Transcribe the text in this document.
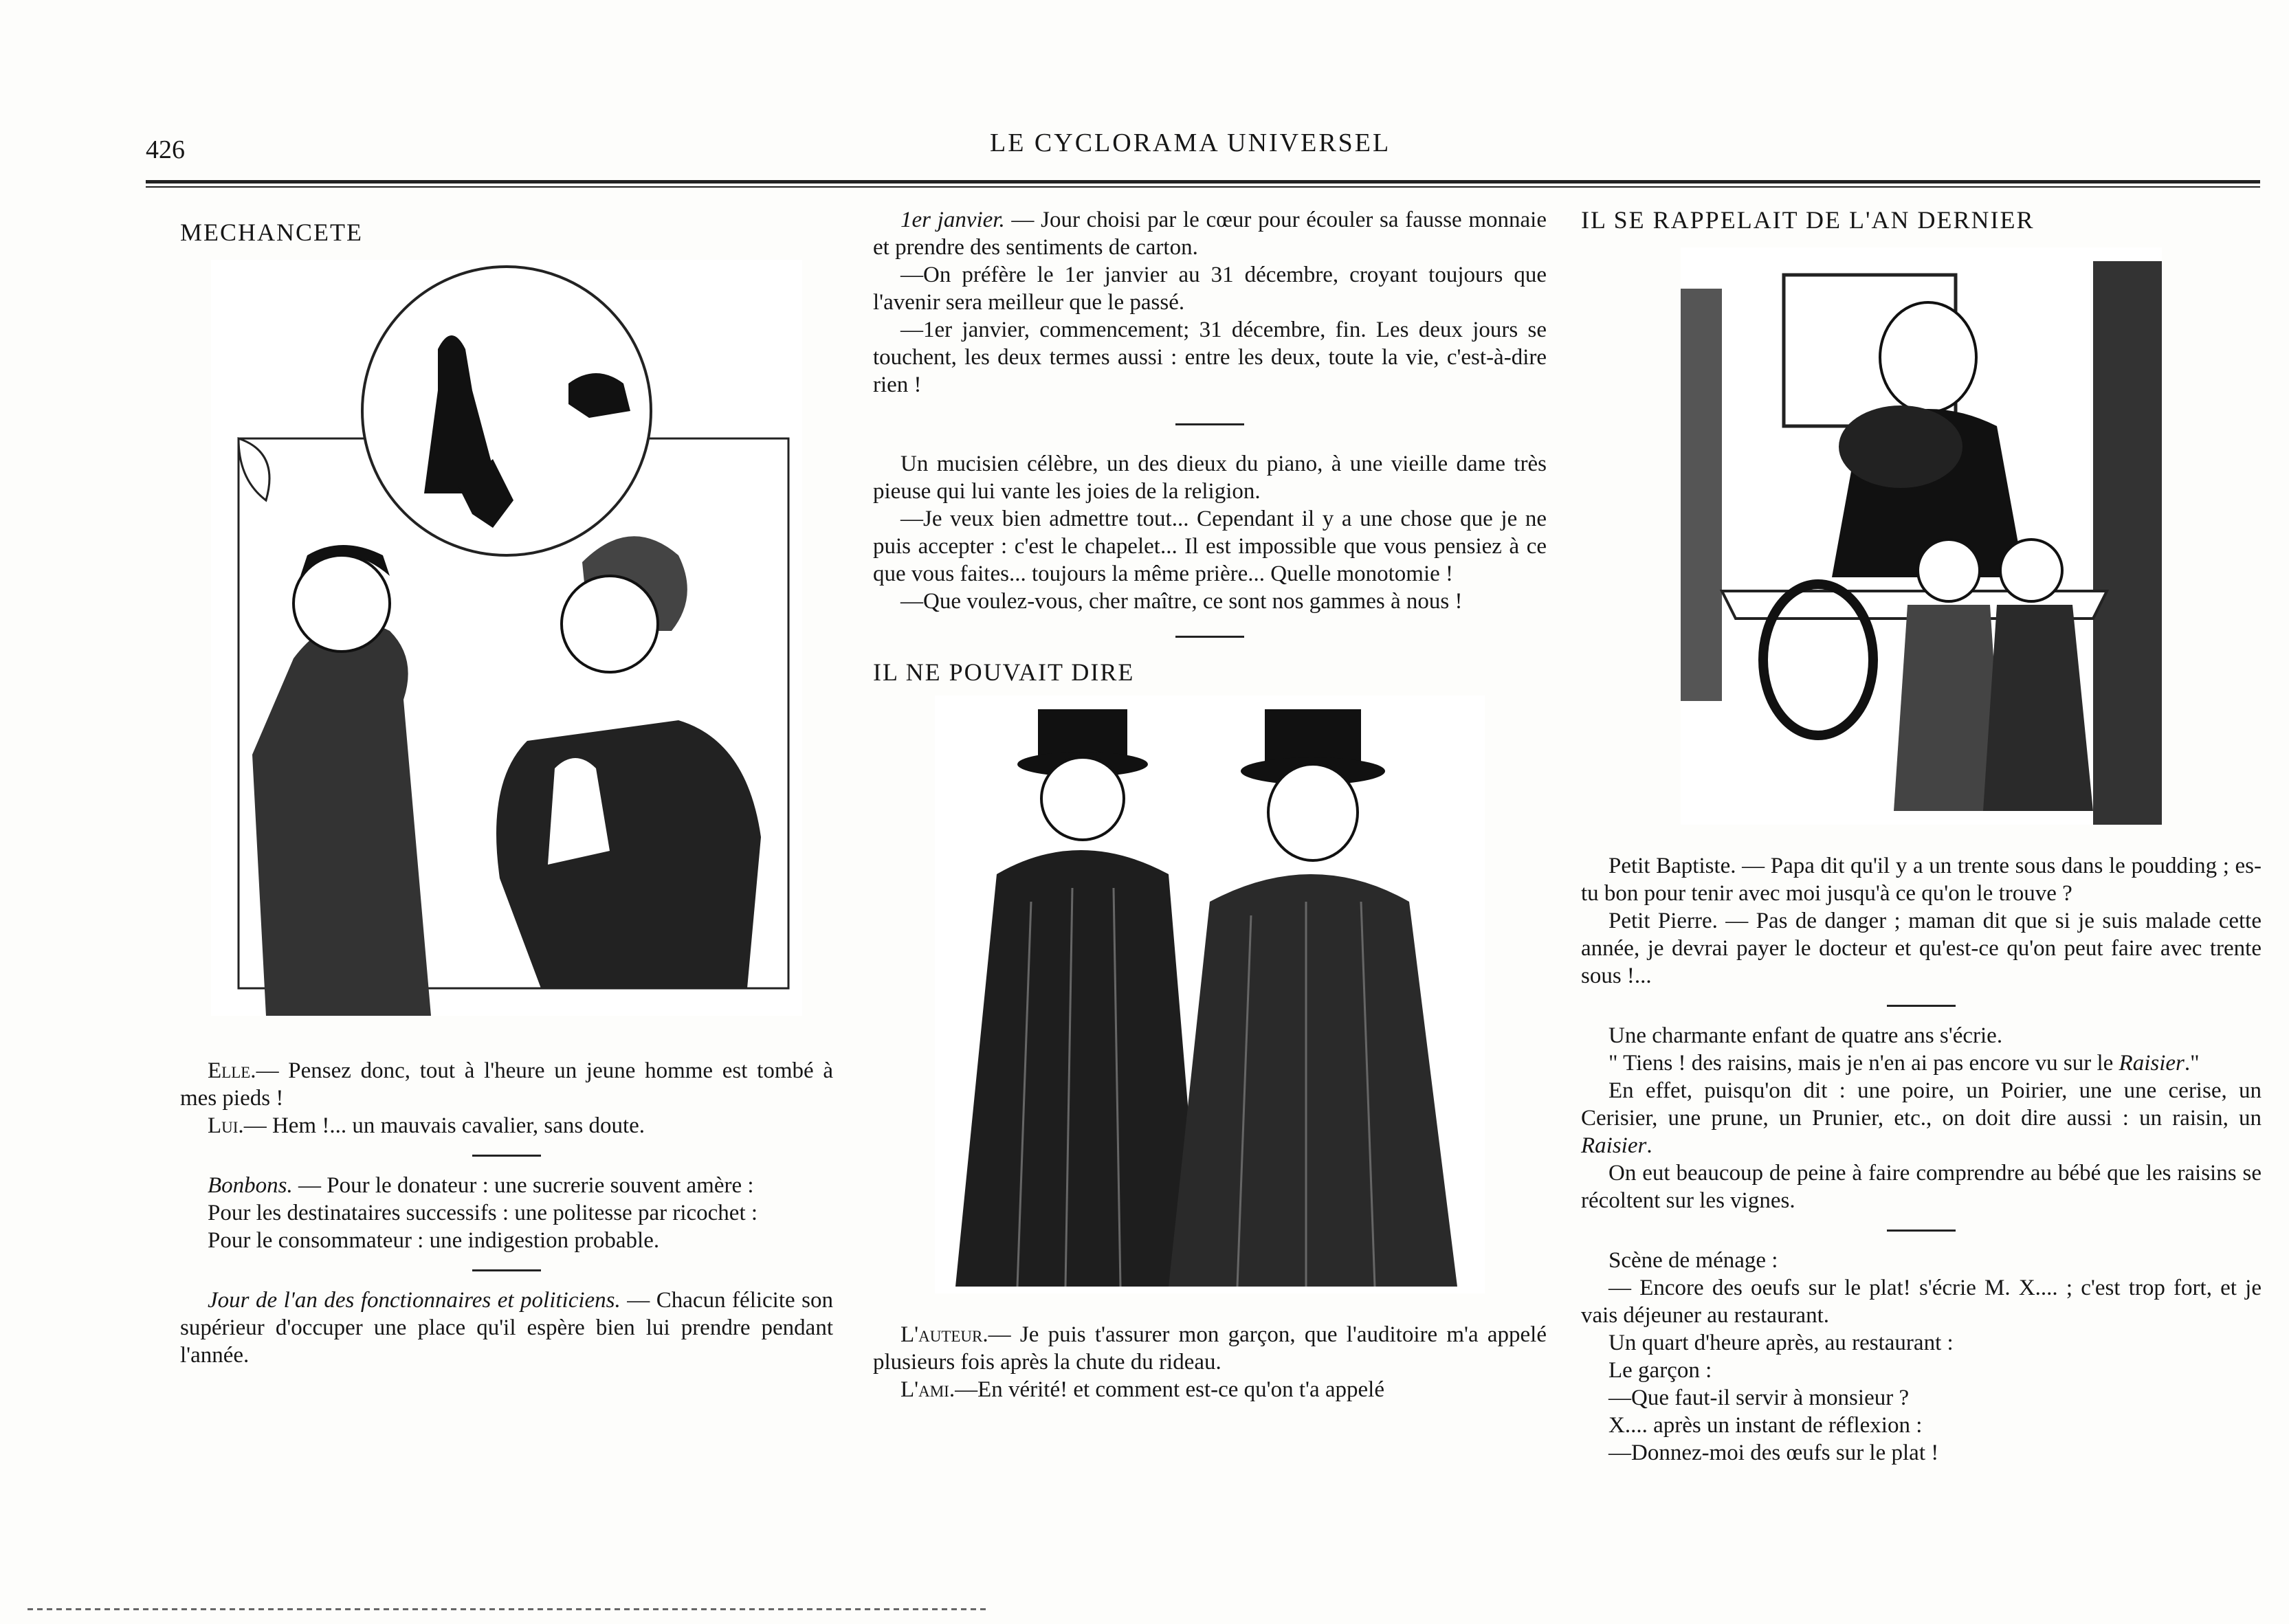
426	LE CYCLORAMA UNIVERSEL

MECHANCETE

Elle.— Pensez donc, tout à l'heure un jeune homme est tombé à mes pieds !

Lui.— Hem !... un mauvais cavalier, sans doute.

Bonbons. — Pour le donateur : une sucrerie souvent amère :

Pour les destinataires successifs : une politesse par ricochet :

Pour le consommateur : une indigestion probable.

Jour de l'an des fonctionnaires et politiciens. — Chacun félicite son supérieur d'occuper une place qu'il espère bien lui prendre pendant l'année.

1er janvier. — Jour choisi par le cœur pour écouler sa fausse monnaie et prendre des sentiments de carton.

—On préfère le 1er janvier au 31 décembre, croyant toujours que l'avenir sera meilleur que le passé.

—1er janvier, commencement; 31 décembre, fin. Les deux jours se touchent, les deux termes aussi : entre les deux, toute la vie, c'est-à-dire rien !

Un mucisien célèbre, un des dieux du piano, à une vieille dame très pieuse qui lui vante les joies de la religion.

—Je veux bien admettre tout... Cependant il y a une chose que je ne puis accepter : c'est le chapelet... Il est impossible que vous pensiez à ce que vous faites... toujours la même prière... Quelle monotomie !

—Que voulez-vous, cher maître, ce sont nos gammes à nous !

IL NE POUVAIT DIRE

L'auteur.— Je puis t'assurer mon garçon, que l'auditoire m'a appelé plusieurs fois après la chute du rideau.

L'ami.—En vérité! et comment est-ce qu'on t'a appelé

IL SE RAPPELAIT DE L'AN DERNIER

Petit Baptiste. — Papa dit qu'il y a un trente sous dans le poudding ; es-tu bon pour tenir avec moi jusqu'à ce qu'on le trouve ?

Petit Pierre. — Pas de danger ; maman dit que si je suis malade cette année, je devrai payer le docteur et qu'est-ce qu'on peut faire avec trente sous !...

Une charmante enfant de quatre ans s'écrie.

" Tiens ! des raisins, mais je n'en ai pas encore vu sur le Raisier."

En effet, puisqu'on dit : une poire, un Poirier, une une cerise, un Cerisier, une prune, un Prunier, etc., on doit dire aussi : un raisin, un Raisier.

On eut beaucoup de peine à faire comprendre au bébé que les raisins se récoltent sur les vignes.

Scène de ménage :

— Encore des oeufs sur le plat! s'écrie M. X.... ; c'est trop fort, et je vais déjeuner au restaurant.

Un quart d'heure après, au restaurant :

Le garçon :

—Que faut-il servir à monsieur ?

X.... après un instant de réflexion :

—Donnez-moi des œufs sur le plat !
